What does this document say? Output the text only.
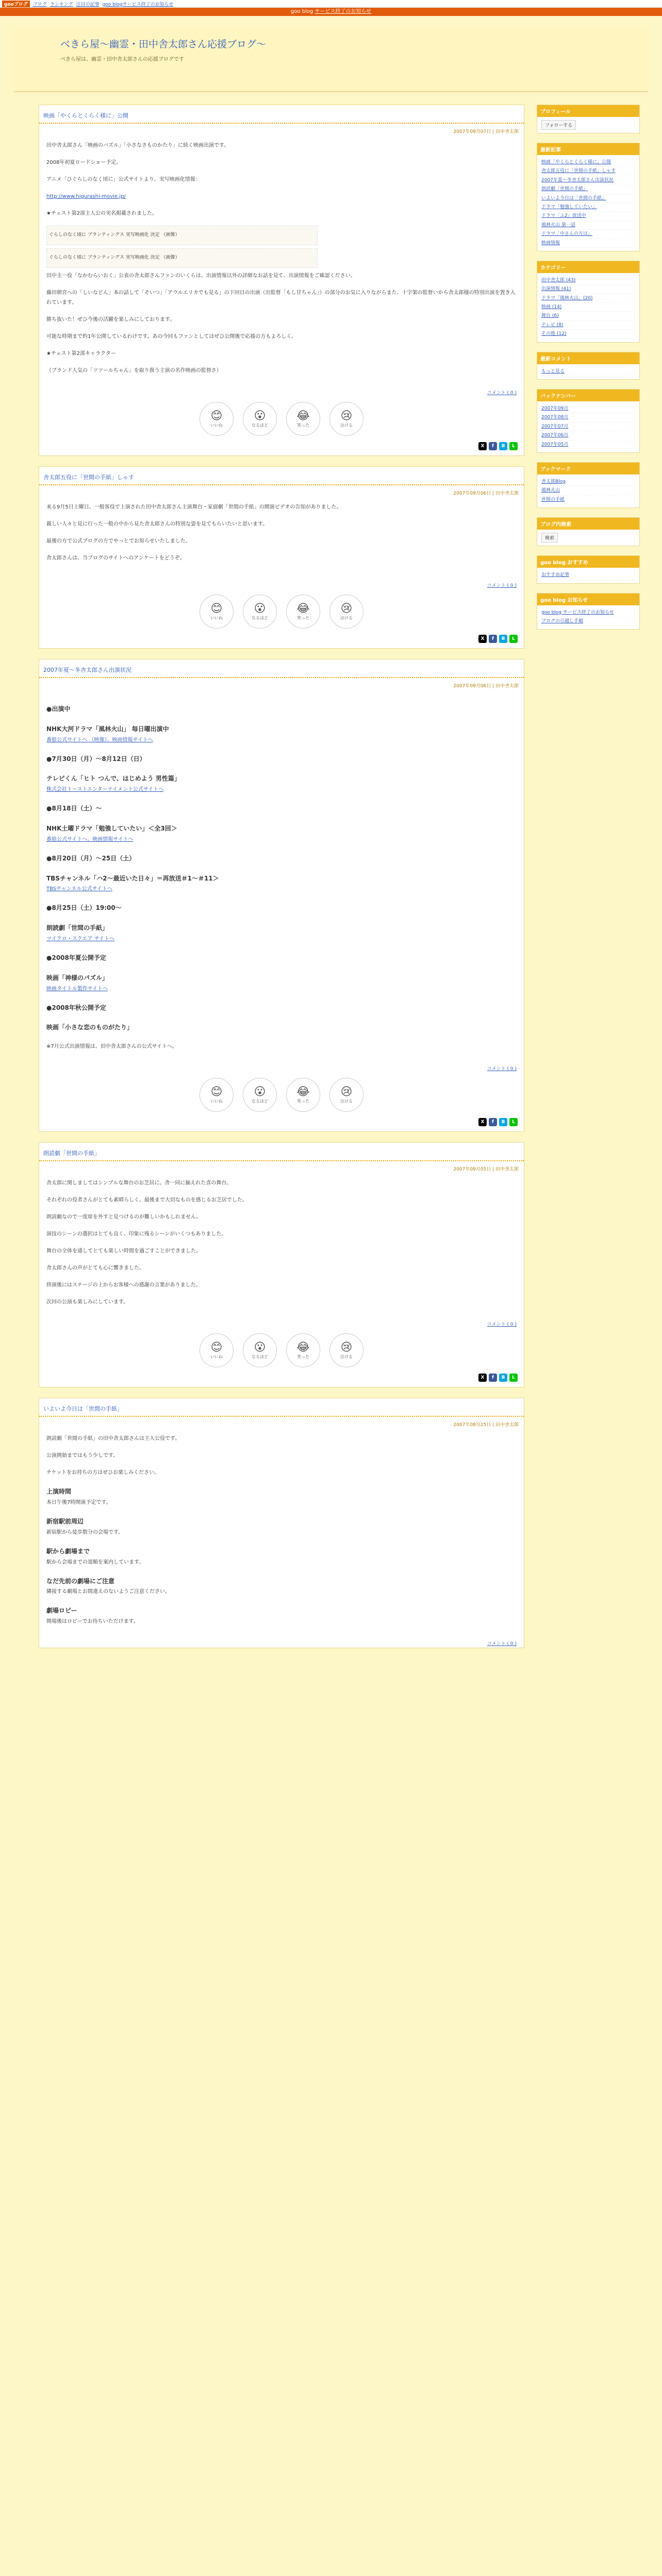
gooブログ	ブログ ランキング 注目の記事 goo blogサービス終了のお知らせ
goo blog サービス終了のお知らせ
べきら屋～幽霊・田中舎太郎さん応援ブログ～
べきら屋は、幽霊・田中舎太郎さんの応援ブログです
映画「やくらとくらく様に」公開
2007年09月07日 | 田中舎太郎

田中舎太郎さん「映画のバズル」「小さなさものかたり」に続く映画出演です。

2008年初夏ロードショー予定。

アニメ「ひぐらしのなく頃に」公式サイトより、実写映画化情報：

http://www.higurashi-movie.jp/

★チェスト第2部主人公の実名掲載されました。

ぐらしのなく頃に ブランティングス 実写映画化 決定 （画像）
ぐらしのなく頃に ブランティングス 実写映画化 決定 （画像）

田中圭一役「なかむらいおく」公表の舎太郎さんファンのいくらは、出演情報以外の詳細なお話を見て、出演情報をご確認ください。

藤田朝宮への「しいなどん」本の話して「そいつ」「アウルエリカでも見る」の下回目の出演（出監督「もし甘ちゃん」）の部分のお気に入りながらまた、十字架の監督いから舎太郎様の特別出演を置き入れています。

勝ち抜いた！ぜひ今後の活躍を楽しみにしております。

可能な時期まで約1年公開しているわけです。あの今回もファンとしてはぜひ公開後で応援の方もよろしく。

★チェスト第2部キャラクター

（ブランド人気の「ツツールちゃん」を取り扱う主演の名作映画の監督さ）

コメント ( 0 )
😊
いいね
😮
なるほど
😂
笑った
😢
泣ける
X	f	B	L
舎太郎五役に「世間の手紙」しゃす
2007年09月06日 | 田中舎太郎

来る9月5日土曜日、一般客役で上演された田中舎太郎さん主演舞台・家庭劇「世間の手紙」の開演ビデオの告知がありました。

親しい人々と見に行った一般の中から見た舎太郎さんの特別な姿を見てもらいたいと思います。

最後の方で公式ブログの方でやっとでお知らせいたしました。

舎太郎さんは、当ブログのサイトへのアンケートをどうぞ。

コメント ( 0 )
😊
いいね
😮
なるほど
😂
笑った
😢
泣ける
X	f	B	L
2007年夏～冬舎太郎さん出演状況
2007年09月06日 | 田中舎太郎
●出演中
NHK大河ドラマ「風林火山」 毎日曜出演中
番組公式サイトへ （映像）、映画情報サイトへ
●7月30日（月）～8月12日（日）
テレビくん「ヒト つんで、はじめよう 男性篇」
株式会社トーストエンターテイメント公式サイトへ
●8月18日（土）～
NHK土曜ドラマ「勉強していたい」＜全3回＞
番組公式サイトへ、映画情報サイトへ
●8月20日（月）～25日（土）
TBSチャンネル「ハ2～最近いた日々」＝再放送＃1～＃11＞
TBSチャンネル公式サイトへ
●8月25日（土）19:00～
朗読劇「世間の手紙」
マイクロ・スクエア サイトへ
●2008年夏公開予定
映画「神様のパズル」
映画タイトル製作サイトへ
●2008年秋公開予定
映画「小さな恋のものがたり」

※7月公式出演情報は、田中舎太郎さんの公式サイトへ。

コメント ( 0 )
😊
いいね
😮
なるほど
😂
笑った
😢
泣ける
X	f	B	L
朗読劇「世間の手紙」
2007年09月05日 | 田中舎太郎

舎太郎に関しましてはシンプルな舞台のお芝居に、舎一同に揃えれた喜の舞台。

それぞれの役者さんがとても素晴らしく、最後まで大切なものを感じるお芝居でした。

朗読劇なので一度席を外すと見つけるのが難しいかもしれません。

演技のシーンの選択はとても良く、印象に残るシーンがいくつもありました。

舞台の全体を通してとても楽しい時間を過ごすことができました。

舎太郎さんの声がとても心に響きました。

終演後にはステージの上からお客様への感謝の言葉がありました。

次回の公演も楽しみにしています。

コメント ( 0 )
😊
いいね
😮
なるほど
😂
笑った
😢
泣ける
X	f	B	L
いよいよ今日は「世間の手紙」
2007年08月25日 | 田中舎太郎

朗読劇「世間の手紙」の田中舎太郎さんは主人公役です。

公演開始まではもう少しです。

チケットをお持ちの方はぜひお楽しみください。

上演時間

本日午後7時開演予定です。

新宿駅前周辺

新宿駅から徒歩数分の会場です。

駅から劇場まで

駅から会場までの道順を案内しています。

なだ先前の劇場にご注意

隣接する劇場とお間違えのないようご注意ください。

劇場ロビー

開場後はロビーでお待ちいただけます。

コメント ( 0 )
プロフィール
フォローする
最新記事
映画「やくらとくらく様に」公開
舎太郎五役に「世間の手紙」しゃす
2007年夏～冬舎太郎さん出演状況
朗読劇「世間の手紙」
いよいよ今日は「世間の手紙」
ドラマ「勉強していたい」
ドラマ「ふ2」放送中
風林火山 第一話
ドラマ「中さんの方は」
映画情報
カテゴリー
田中舎太郎 (43)
出演情報 (41)
ドラマ「風林火山」(20)
映画 (14)
舞台 (6)
テレビ (8)
その他 (12)
最新コメント
もっと見る
バックナンバー
2007年09月
2007年08月
2007年07月
2007年06月
2007年05月
ブックマーク
舎太郎Blog
風林火山
世間の手紙
ブログ内検索
検索
goo blog おすすめ
おすすめ記事
goo blog お知らせ
goo blog サービス終了のお知らせ
ブログの引越し手順
